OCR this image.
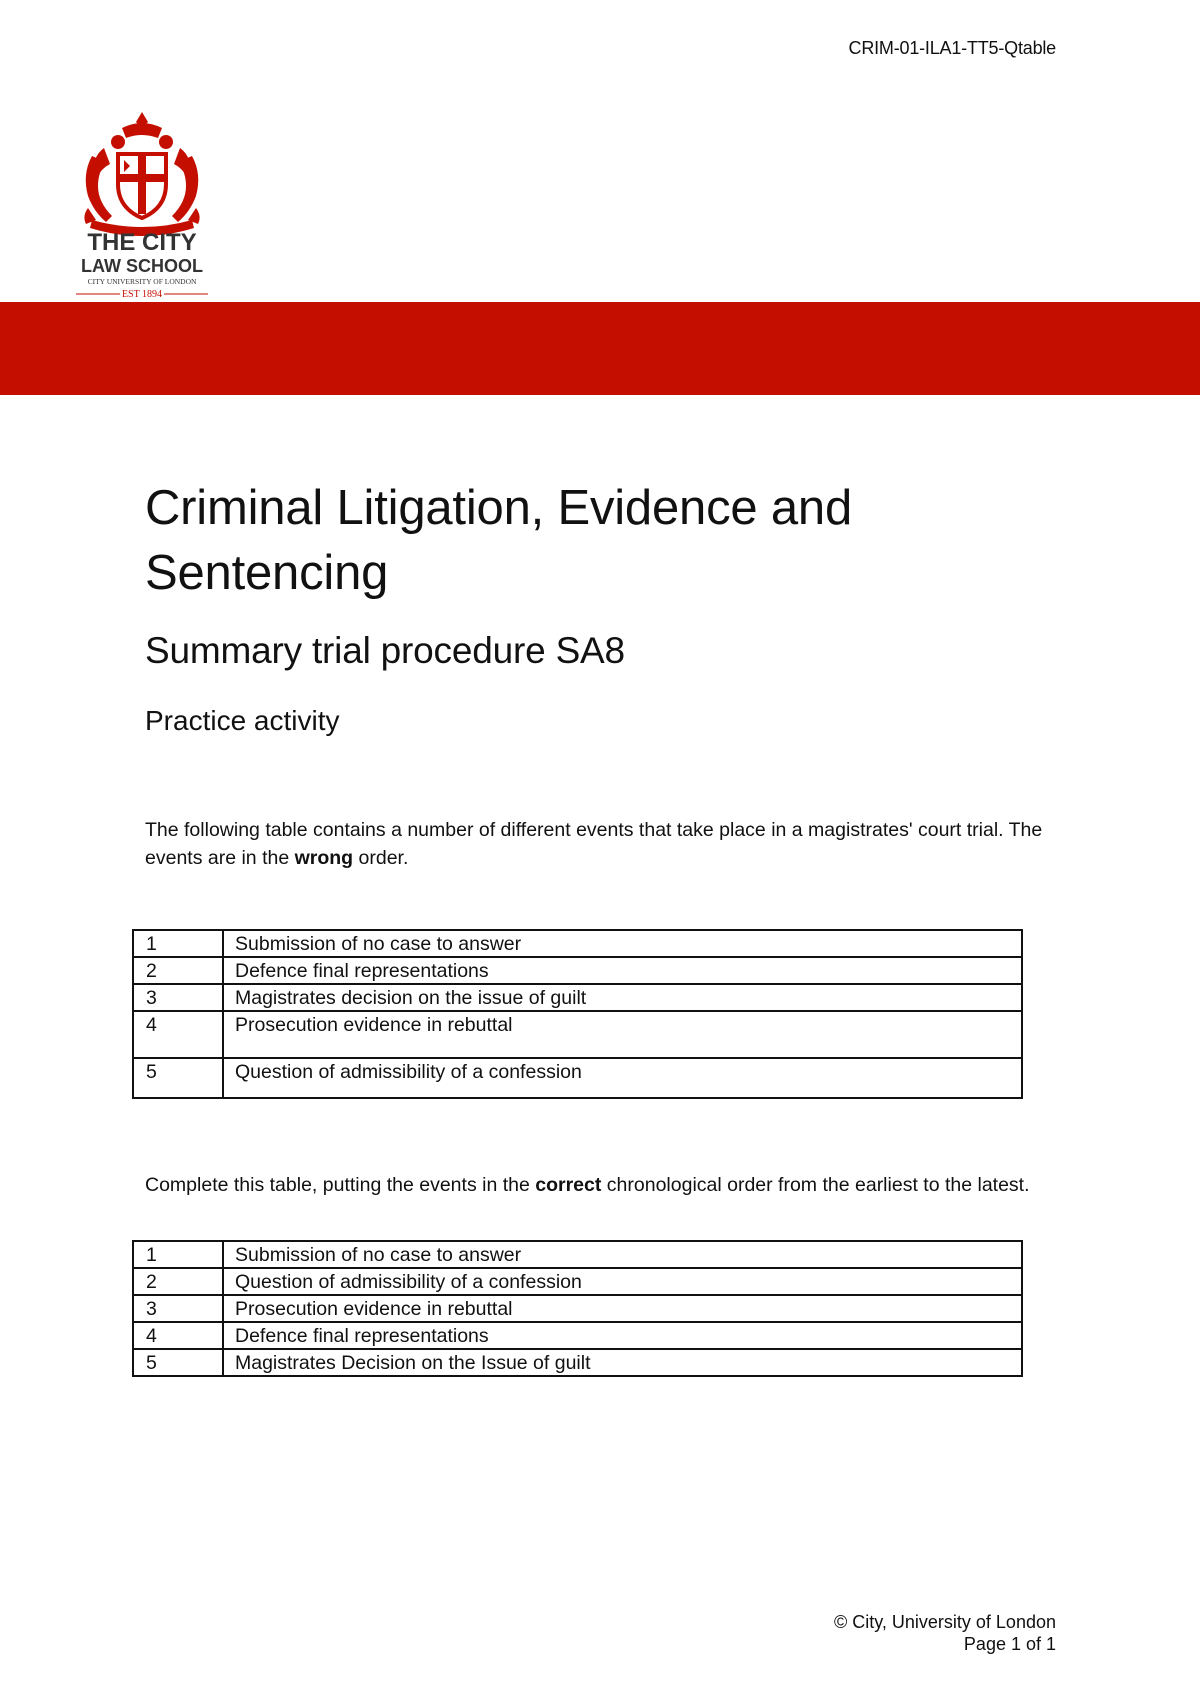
CRIM-01-ILA1-TT5-Qtable
THE CITY
LAW SCHOOL
CITY UNIVERSITY OF LONDON
EST 1894
Criminal Litigation, Evidence and Sentencing
Summary trial procedure SA8
Practice activity

The following table contains a number of different events that take place in a magistrates' court trial. The events are in the wrong order.

1	Submission of no case to answer
2	Defence final representations
3	Magistrates decision on the issue of guilt
4	Prosecution evidence in rebuttal
5	Question of admissibility of a confession

Complete this table, putting the events in the correct chronological order from the earliest to the latest.

1	Submission of no case to answer
2	Question of admissibility of a confession
3	Prosecution evidence in rebuttal
4	Defence final representations
5	Magistrates Decision on the Issue of guilt
© City, University of London
Page 1 of 1
